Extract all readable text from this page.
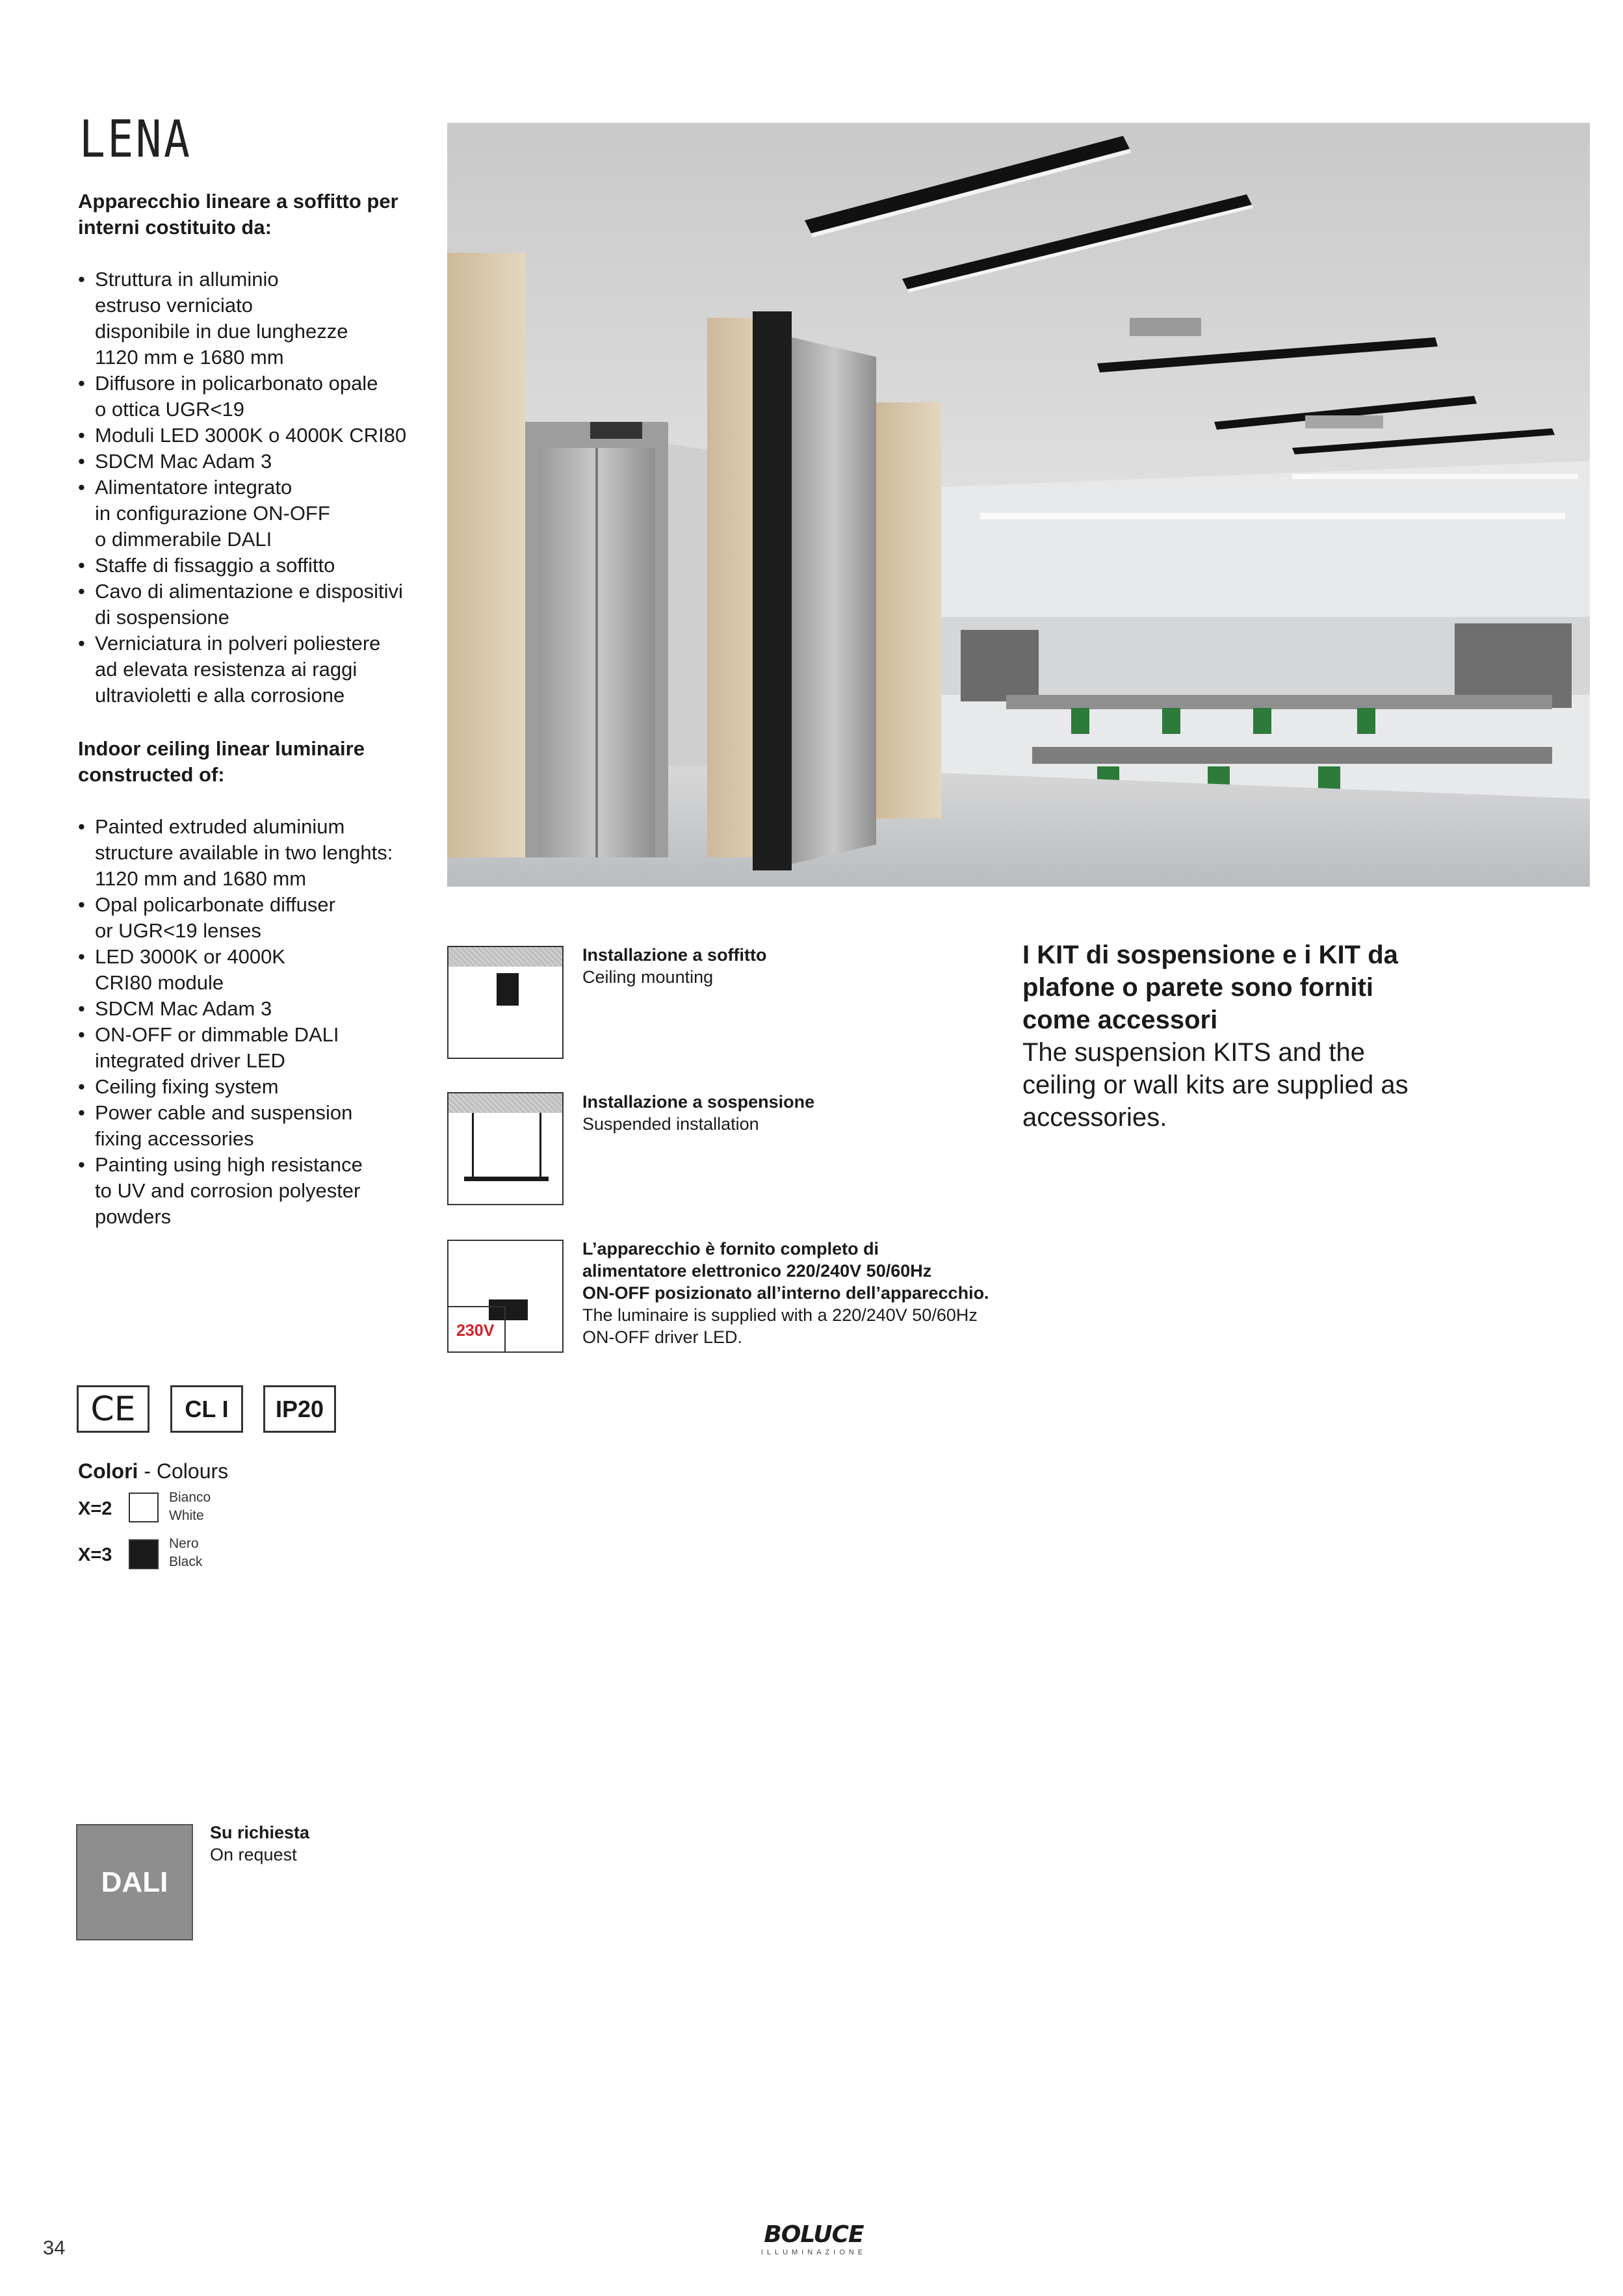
LENA
Apparecchio lineare a soffitto per
interni costituito da:
• Struttura in alluminio
estruso verniciato
disponibile in due lunghezze
1120 mm e 1680 mm
• Diffusore in policarbonato opale
o ottica UGR<19
• Moduli LED 3000K o 4000K CRI80
• SDCM Mac Adam 3
• Alimentatore integrato
in configurazione ON-OFF
o dimmerabile DALI
• Staffe di fissaggio a soffitto
• Cavo di alimentazione e dispositivi
di sospensione
• Verniciatura in polveri poliestere
ad elevata resistenza ai raggi
ultravioletti e alla corrosione
Indoor ceiling linear luminaire
constructed of:
• Painted extruded aluminium
structure available in two lenghts:
1120 mm and 1680 mm
• Opal policarbonate diffuser
or UGR<19 lenses
• LED 3000K or 4000K
CRI80 module
• SDCM Mac Adam 3
• ON-OFF or dimmable DALI
integrated driver LED
• Ceiling fixing system
• Power cable and suspension
fixing accessories
• Painting using high resistance
to UV and corrosion polyester
powders
Installazione a soffitto
Ceiling mounting
Installazione a sospensione
Suspended installation
230V
L’apparecchio è fornito completo di
alimentatore elettronico 220/240V 50/60Hz
ON-OFF posizionato all’interno dell’apparecchio.
The luminaire is supplied with a 220/240V 50/60Hz
ON-OFF driver LED.
I KIT di sospensione e i KIT da
plafone o parete sono forniti
come accessori
The suspension KITS and the
ceiling or wall kits are supplied as
accessories.
CE	CL I	IP20
Colori - Colours
X=2
Bianco
White
X=3
Nero
Black
DALI
Su richiesta
On request
34	BOLUCE
ILLUMINAZIONE
